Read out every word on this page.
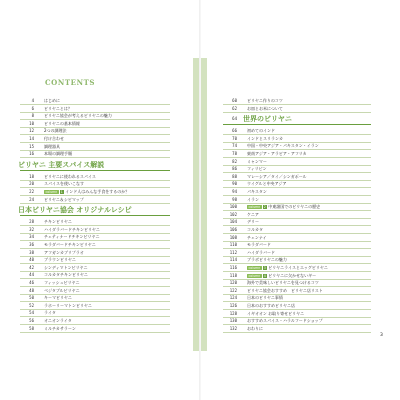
CONTENTS
4	はじめに
6	ビリヤニとは？
8	ビリヤニ協会が考えるビリヤニの魅力
10	ビリヤニの基本情報
12	2つの調理法
14	付け合わせ
15	調理器具
16	本場の調理手順
ビリヤニ 主要スパイス解説
18	ビリヤニに使われるスパイス
20	スパイスを使いこなす
22	column 1 インド人はみんな手食をするのか？
24	ビリヤニ＆シビマップ
日本ビリヤニ協会 オリジナルレシピ
28	チキンビリヤニ
32	ハイダラバードチキンビリヤニ
34	チェティナードチキンビリヤニ
36	モラダバードチキンビリヤニ
38	アフガンカブリプラオ
40	ブラウンビリヤニ
42	シンディマトンビリヤニ
44	コルカタチキンビリヤニ
46	フィッシュビリヤニ
48	ベジタブルビリヤニ
50	キーマビリヤニ
52	ラホーリーマトンビリヤニ
54	ライタ
56	オニオンライタ
58	ミルチカサラーン
60	ビリヤニ作りのコツ
62	お皿とお米について
64 世界のビリヤニ
66	初めてのインド
70	インドとスリランカ
74	中国・中央アジア・パキスタン・イラン
78	東南アジア・アラビア・アフリカ
82	ミャンマー
86	フィリピン
88	マレーシア／タイ／シンガポール
90	ウイグルと中央アジア
94	パキスタン
98	イラン
100	column 2 中東諸国でのビリヤニの歴史
102	ケニア
104	デリー
106	コルカタ
108	チェンナイ
110	モラダバード
112	ハイダラバード
114	ブラボビリヤニの魅力
116	column 3 ビリヤニライスとエッグビリヤニ
118	column 4 ビリヤニに欠かせないギー
120	海外で美味しいビリヤニを見つけるコツ
122	ビリヤニ協会おすすめ　ビリヤニ店リスト
124	日本のビリヤニ事情
126	日本のおすすめビリヤニ店
128	イギオオン お取り寄せビリヤニ
130	おすすめスパイス・ハラルフードショップ
132	おわりに
3
